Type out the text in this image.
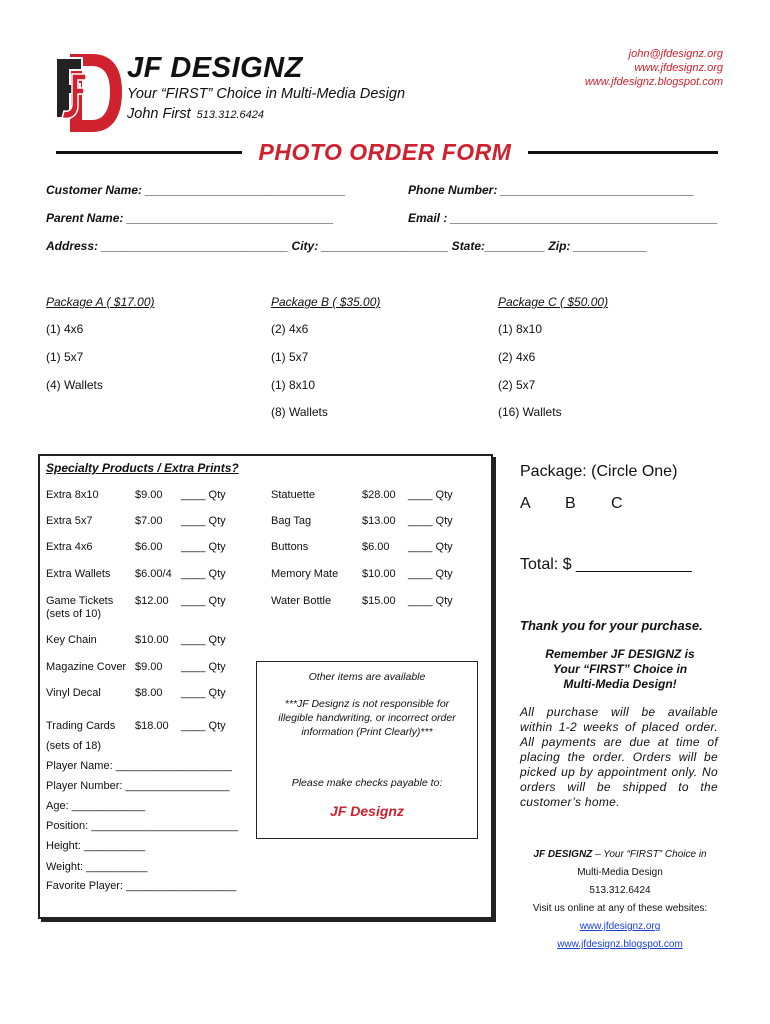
JF DESIGNZ
Your “FIRST” Choice in Multi-Media Design
John First 513.312.6424
john@jfdesignz.org
www.jfdesignz.org
www.jfdesignz.blogspot.com
PHOTO ORDER FORM
Customer Name: ______________________________	Phone Number: _____________________________
Parent Name: _______________________________	Email : ________________________________________
Address: ____________________________ City: ___________________ State:_________ Zip: ___________
Package A ( $17.00)
(1) 4x6
(1) 5x7
(4) Wallets
Package B ( $35.00)
(2) 4x6
(1) 5x7
(1) 8x10
(8) Wallets
Package C ( $50.00)
(1) 8x10
(2) 4x6
(2) 5x7
(16) Wallets
Specialty Products / Extra Prints?
Extra 8x10	$9.00 ____ Qty
Extra 5x7	$7.00 ____ Qty
Extra 4x6	$6.00 ____ Qty
Extra Wallets $6.00/4 ____ Qty
Game Tickets
(sets of 10)
$12.00 ____ Qty
Key Chain	$10.00 ____ Qty
Magazine Cover $9.00 ____ Qty
Vinyl Decal	$8.00 ____ Qty
Trading Cards $18.00 ____ Qty
(sets of 18)
Statuette	$28.00 ____ Qty
Bag Tag	$13.00 ____ Qty
Buttons	$6.00 ____ Qty
Memory Mate $10.00 ____ Qty
Water Bottle	$15.00 ____ Qty
Player Name: ___________________
Player Number: _________________
Age: ____________
Position: ________________________
Height: __________
Weight: __________
Favorite Player: __________________
Other items are available
***JF Designz is not responsible for illegible handwriting, or incorrect order information (Print Clearly)***
Please make checks payable to:
JF Designz
Package: (Circle One)
A B C
Total: $ _____________
Thank you for your purchase.
Remember JF DESIGNZ is
Your “FIRST” Choice in
Multi-Media Design!
All purchase will be available within 1-2 weeks of placed order. All payments are due at time of placing the order. Orders will be picked up by appointment only. No orders will be shipped to the customer’s home.
JF DESIGNZ – Your “FIRST” Choice in
Multi-Media Design
513.312.6424
Visit us online at any of these websites:
www.jfdesignz.org
www.jfdesignz.blogspot.com
